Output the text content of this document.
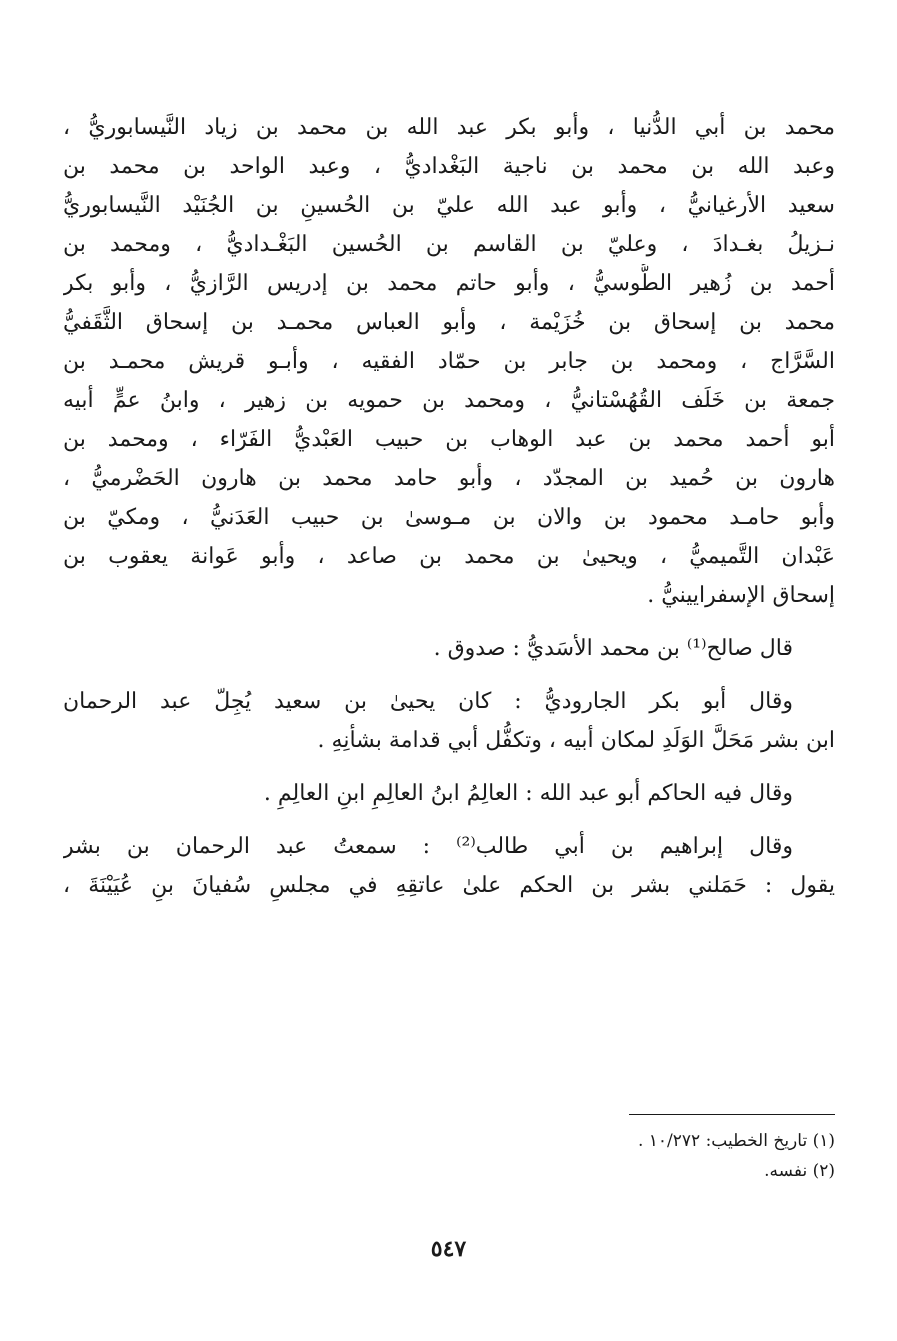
محمد بن أبي الدُّنيا ، وأبو بكر عبد الله بن محمد بن زياد النَّيسابوريُّ ،
وعبد الله بن محمد بن ناجية البَغْداديُّ ، وعبد الواحد بن محمد بن
سعيد الأرغيانيُّ ، وأبو عبد الله عليّ بن الحُسينِ بن الجُنَيْد النَّيسابوريُّ
نـزيلُ بغـدادَ ، وعليّ بن القاسم بن الحُسين البَغْـداديُّ ، ومحمد بن
أحمد بن زُهير الطُّوسيُّ ، وأبو حاتم محمد بن إدريس الرَّازيُّ ، وأبو بكر
محمد بن إسحاق بن خُزَيْمة ، وأبو العباس محمـد بن إسحاق الثَّقَفيُّ
السَّرَّاج ، ومحمد بن جابر بن حمّاد الفقيه ، وأبـو قريش محمـد بن
جمعة بن خَلَف القُهُسْتانيُّ ، ومحمد بن حمويه بن زهير ، وابنُ عمٍّ أبيه
أبو أحمد محمد بن عبد الوهاب بن حبيب العَبْديُّ الفَرّاء ، ومحمد بن
هارون بن حُميد بن المجدّد ، وأبو حامد محمد بن هارون الحَضْرميُّ ،
وأبو حامـد محمود بن والان بن مـوسىٰ بن حبيب العَدَنيُّ ، ومكيّ بن
عَبْدان التَّميميُّ ، ويحيىٰ بن محمد بن صاعد ، وأبو عَوانة يعقوب بن
إسحاق الإسفرايينيُّ .
قال صالح⁽¹⁾ بن محمد الأسَديُّ : صدوق .
وقال أبو بكر الجاروديُّ : كان يحيىٰ بن سعيد يُجِلّ عبد الرحمان
ابن بشر مَحَلَّ الوَلَدِ لمكان أبيه ، وتكفُّل أبي قدامة بشأنِهِ .
وقال فيه الحاكم أبو عبد الله : العالِمُ ابنُ العالِمِ ابنِ العالِمِ .
وقال إبراهيم بن أبي طالب⁽²⁾ : سمعتُ عبد الرحمان بن بشر
يقول : حَمَلني بشر بن الحكم علىٰ عاتقِهِ في مجلسِ سُفيانَ بنِ عُيَيْنَةَ ،
(١) تاريخ الخطيب: ١٠/٢٧٢ .
(٢) نفسه.
٥٤٧
